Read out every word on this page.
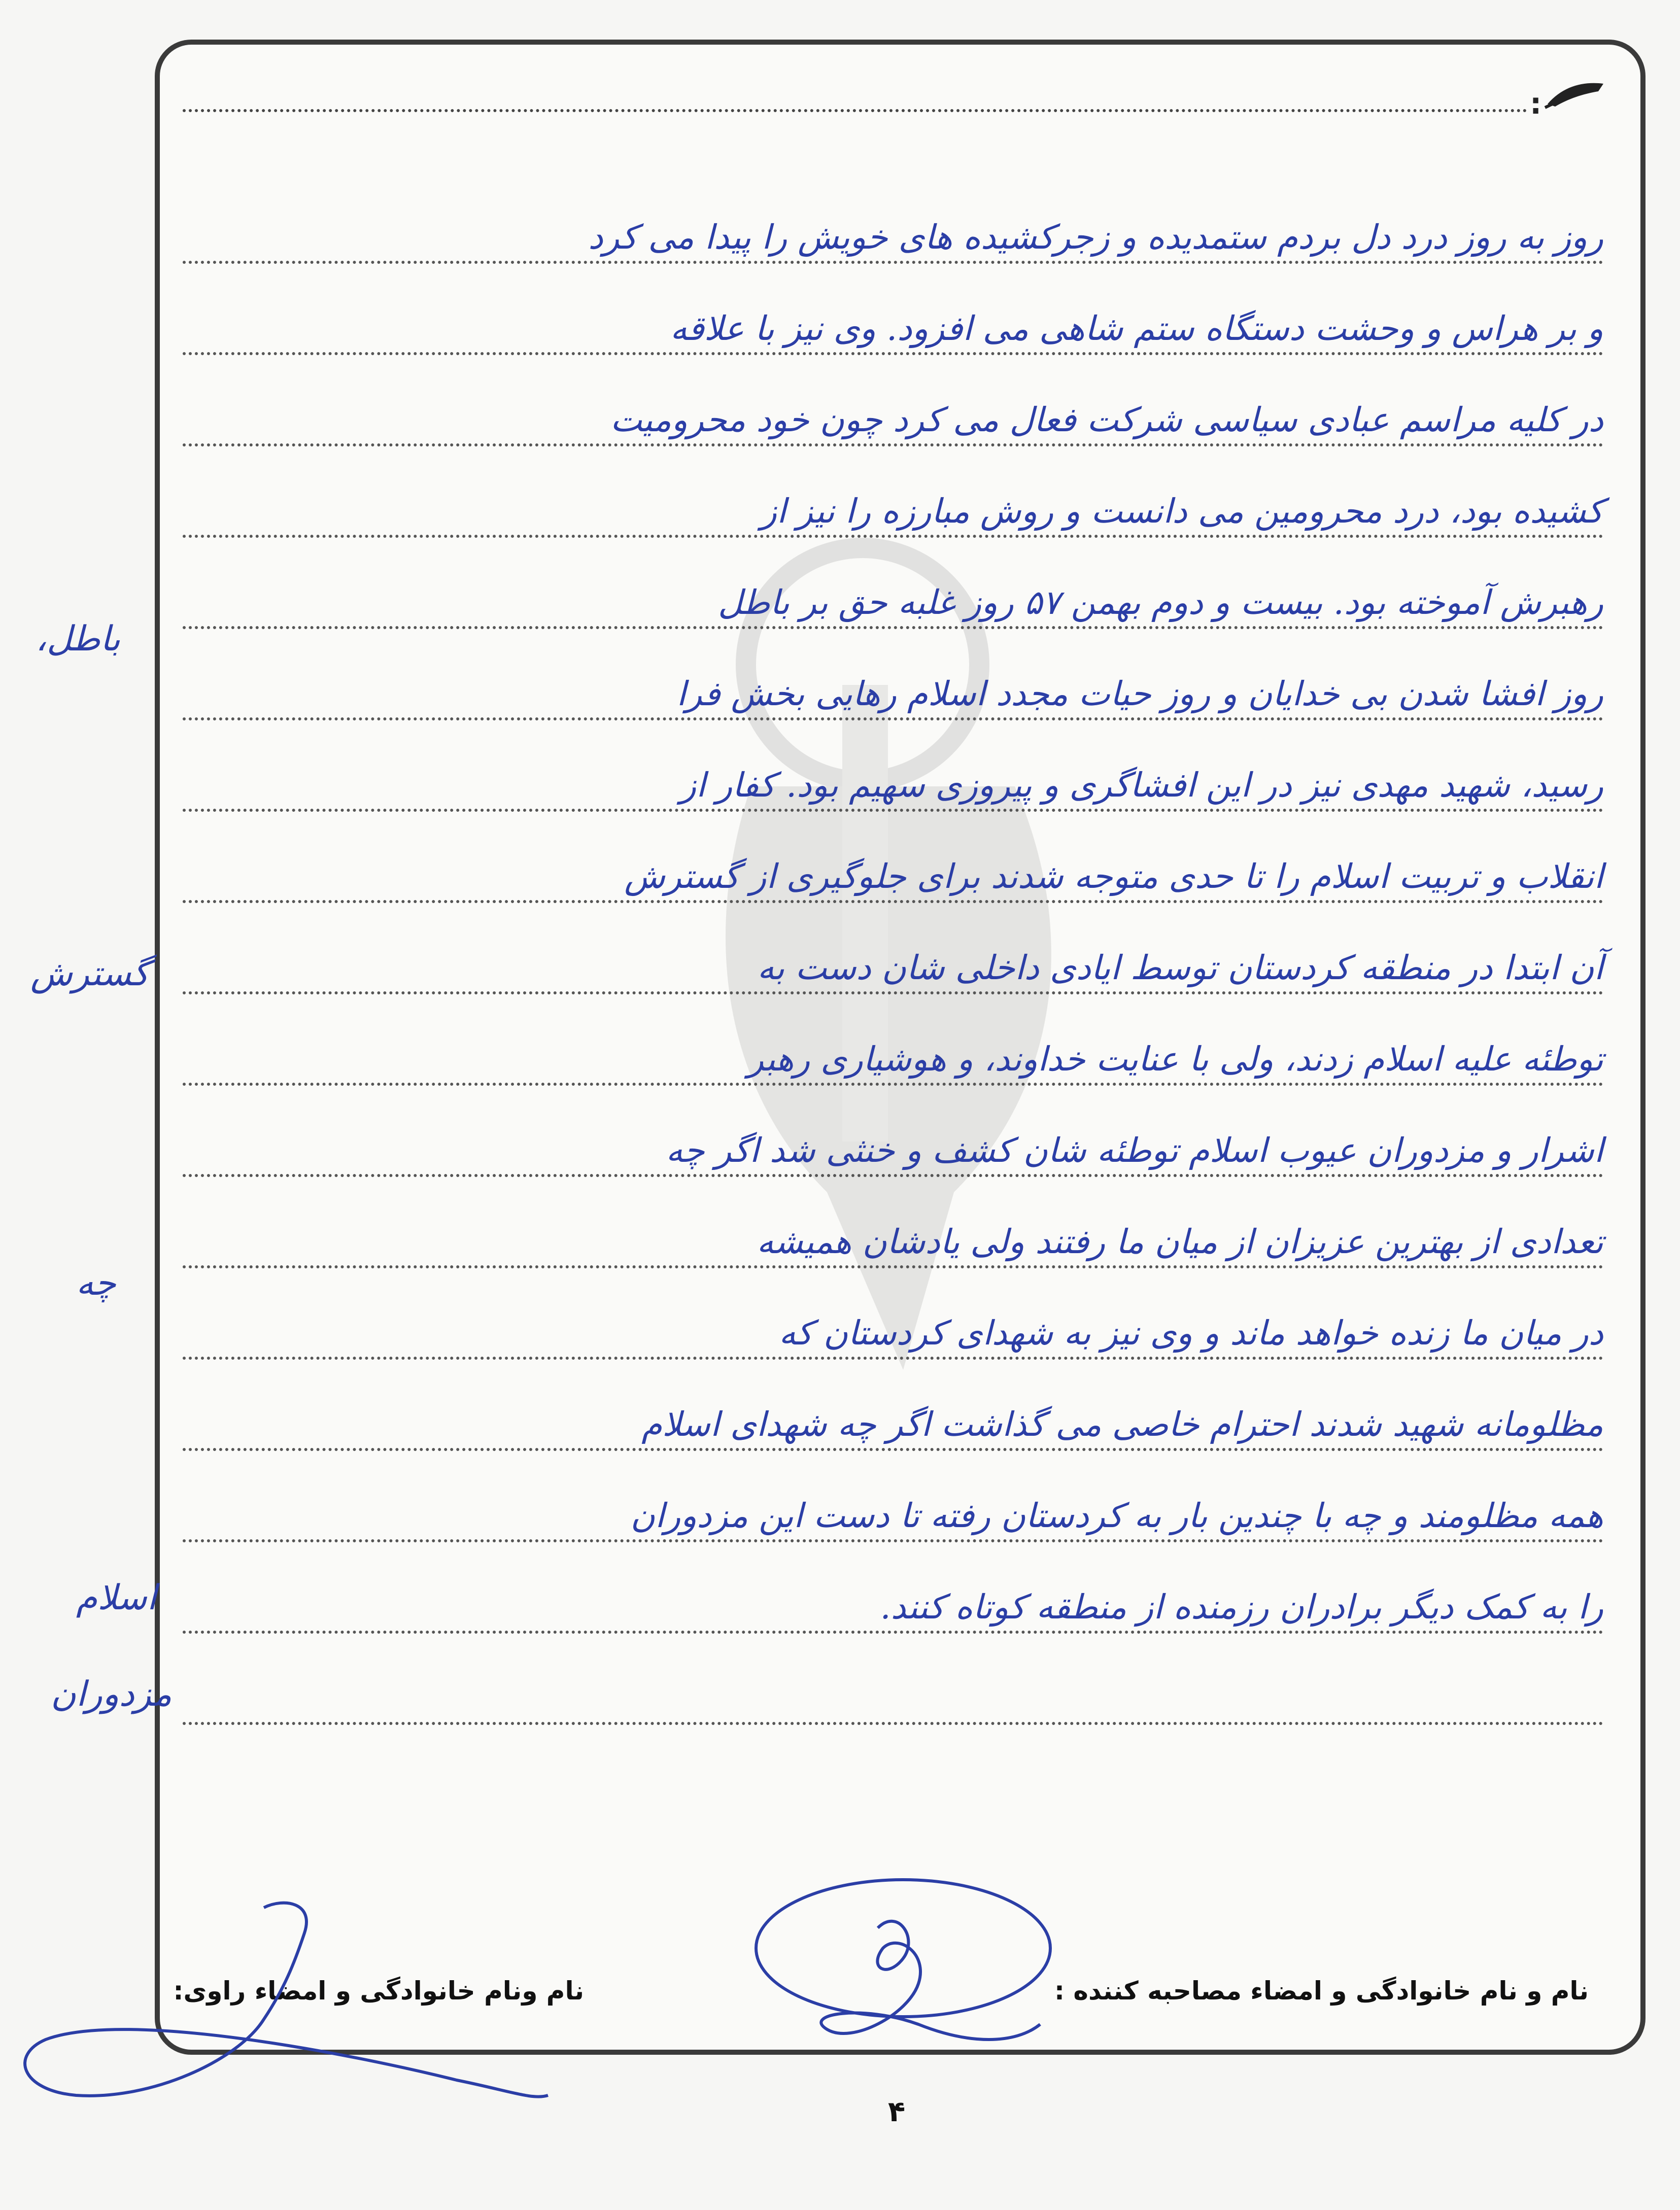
:
روز به روز درد دل بردم ستمدیده و زجرکشیده های خویش را پیدا می کرد
و بر هراس و وحشت دستگاه ستم شاهی می افزود. وی نیز با علاقه
در کلیه مراسم عبادی سیاسی شرکت فعال می کرد چون خود محرومیت
کشیده بود، درد محرومین می دانست و روش مبارزه را نیز از
رهبرش آموخته بود. بیست و دوم بهمن ۵۷ روز غلبه حق بر باطل
روز افشا شدن بی خدایان و روز حیات مجدد اسلام رهایی بخش فرا
رسید، شهید مهدی نیز در این افشاگری و پیروزی سهیم بود. کفار از
انقلاب و تربیت اسلام را تا حدی متوجه شدند برای جلوگیری از گسترش
آن ابتدا در منطقه کردستان توسط ایادی داخلی شان دست به
توطئه علیه اسلام زدند، ولی با عنایت خداوند، و هوشیاری رهبر
اشرار و مزدوران عیوب اسلام توطئه شان کشف و خنثی شد اگر چه
تعدادی از بهترین عزیزان از میان ما رفتند ولی یادشان همیشه
در میان ما زنده خواهد ماند و وی نیز به شهدای کردستان که
مظلومانه شهید شدند احترام خاصی می گذاشت اگر چه شهدای اسلام
همه مظلومند و چه با چندین بار به کردستان رفته تا دست این مزدوران
را به کمک دیگر برادران رزمنده از منطقه کوتاه کنند.
باطل،
گسترش
چه
اسلام
مزدوران
نام و نام خانوادگی و امضاء مصاحبه کننده :
نام ونام خانوادگی و امضاء راوی:
۴
